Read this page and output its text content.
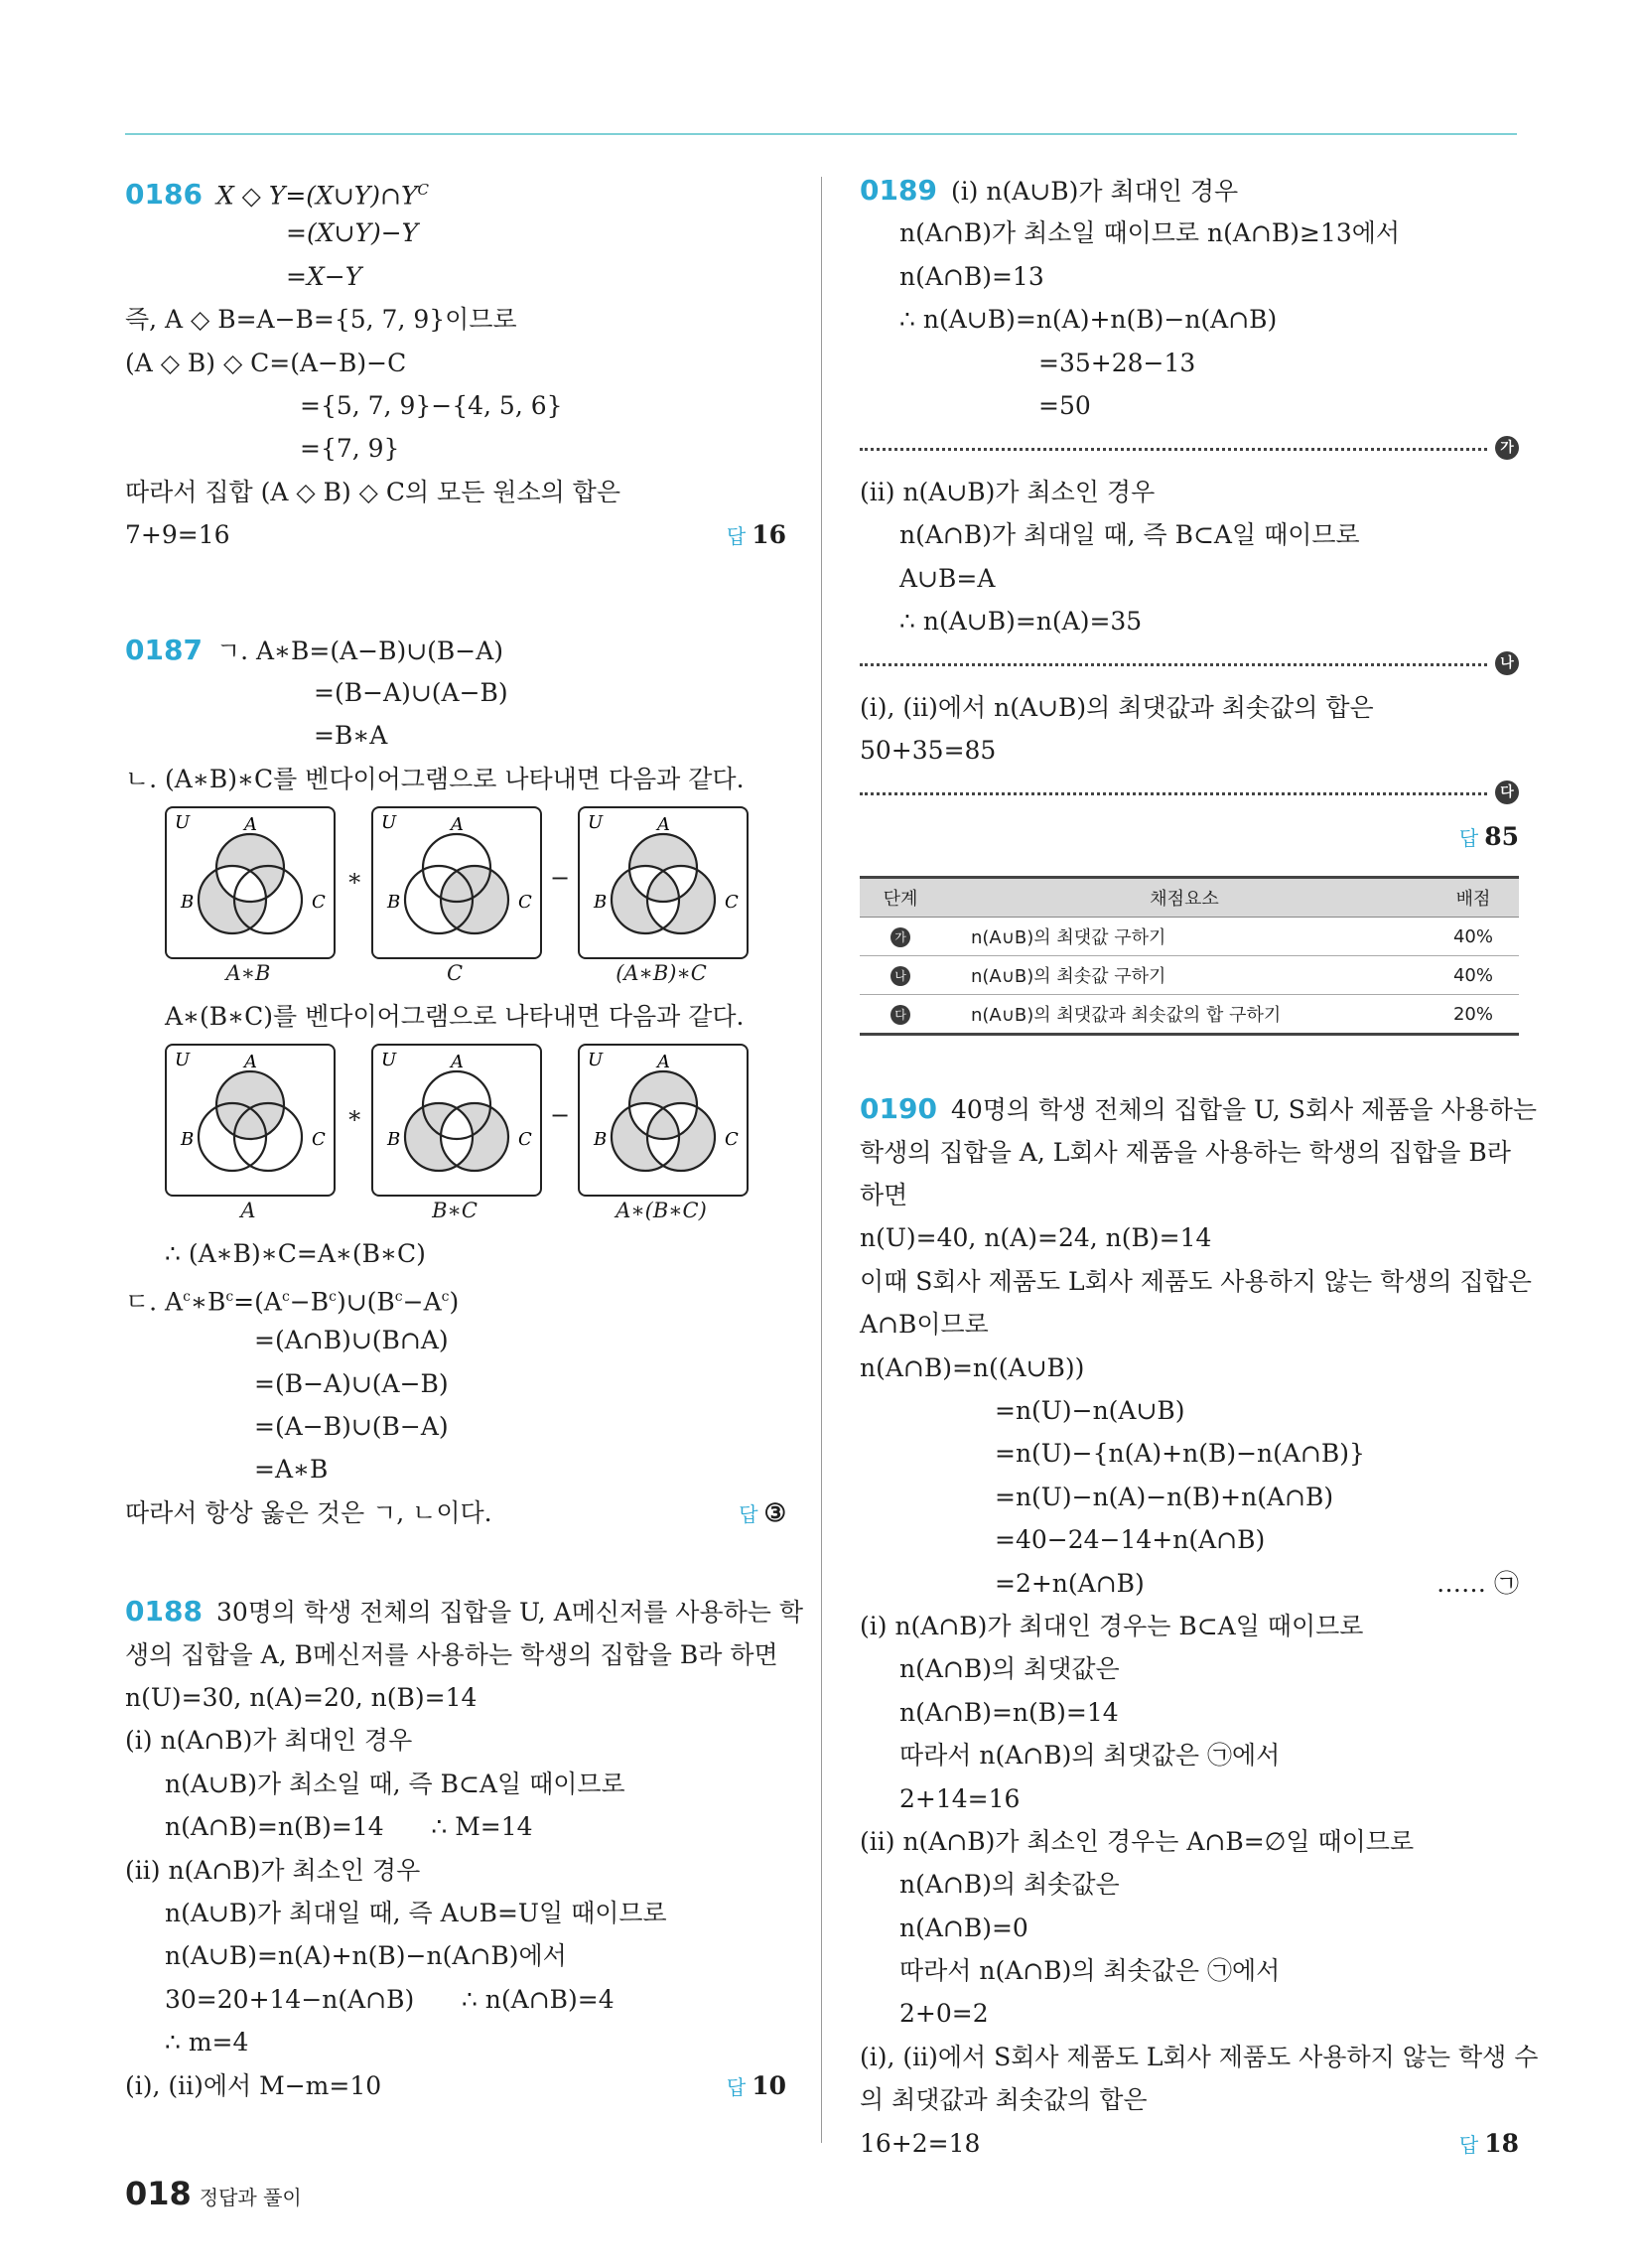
0186 X ◇ $Y=(X\cup Y)\cap Y^C$
=(X∪Y)−Y
=X−Y
즉, A ◇ B=A−B={5, 7, 9}이므로
(A ◇ B) ◇ C=(A−B)−C
={5, 7, 9}−{4, 5, 6}
={7, 9}
따라서 집합 (A ◇ B) ◇ C의 모든 원소의 합은
7+9=16
	답 16
0187 ㄱ. A∗B=(A−B)∪(B−A)
=(B−A)∪(A−B)
=B∗A
ㄴ. (A∗B)∗C를 벤다이어그램으로 나타내면 다음과 같다.
U	A
B	C
∗
U	A
B	C
−
U	A
B	C
A∗B	C	(A∗B)∗C
A∗(B∗C)를 벤다이어그램으로 나타내면 다음과 같다.
U	A
B	C
∗
U	A
B	C
−
U	A
B	C
A	B∗C	A∗(B∗C)
∴ (A∗B)∗C=A∗(B∗C)
ㄷ. $A^c∗B^c=(A^c-B^c)\cup(B^c-A^c)$
=(A∩B)∪(B∩A)
=(B−A)∪(A−B)
=(A−B)∪(B−A)
=A∗B
따라서 항상 옳은 것은 ㄱ, ㄴ이다.
	답 ③
0188 30명의 학생 전체의 집합을 U, A메신저를 사용하는 학
생의 집합을 A, B메신저를 사용하는 학생의 집합을 B라 하면
n(U)=30, n(A)=20, n(B)=14
(ⅰ) n(A∩B)가 최대인 경우
n(A∪B)가 최소일 때, 즉 B⊂A일 때이므로
n(A∩B)=n(B)=14      ∴ M=14
(ⅱ) n(A∩B)가 최소인 경우
n(A∪B)가 최대일 때, 즉 A∪B=U일 때이므로
n(A∪B)=n(A)+n(B)−n(A∩B)에서
30=20+14−n(A∩B)      ∴ n(A∩B)=4
∴ m=4
(ⅰ), (ⅱ)에서 M−m=10
	답 10
0189 (ⅰ) n(A∪B)가 최대인 경우
n(A∩B)가 최소일 때이므로 n(A∩B)≥13에서
n(A∩B)=13
∴ n(A∪B)=n(A)+n(B)−n(A∩B)
=35+28−13
=50
가
(ⅱ) n(A∪B)가 최소인 경우
n(A∩B)가 최대일 때, 즉 B⊂A일 때이므로
A∪B=A
∴ n(A∪B)=n(A)=35
나
(ⅰ), (ⅱ)에서 n(A∪B)의 최댓값과 최솟값의 합은
50+35=85
다
답 85
단계	채점요소	배점
가	n(A∪B)의 최댓값 구하기	40%
나	n(A∪B)의 최솟값 구하기	40%
다	n(A∪B)의 최댓값과 최솟값의 합 구하기	20%
0190 40명의 학생 전체의 집합을 U, S회사 제품을 사용하는
학생의 집합을 A, L회사 제품을 사용하는 학생의 집합을 B라
하면
n(U)=40, n(A)=24, n(B)=14
이때 S회사 제품도 L회사 제품도 사용하지 않는 학생의 집합은
A∩B이므로
n(A∩B)=n((A∪B))
=n(U)−n(A∪B)
=n(U)−{n(A)+n(B)−n(A∩B)}
=n(U)−n(A)−n(B)+n(A∩B)
=40−24−14+n(A∩B)
=2+n(A∩B)	…… ㉠
(ⅰ) n(A∩B)가 최대인 경우는 B⊂A일 때이므로
n(A∩B)의 최댓값은
n(A∩B)=n(B)=14
따라서 n(A∩B)의 최댓값은 ㉠에서
2+14=16
(ⅱ) n(A∩B)가 최소인 경우는 A∩B=∅일 때이므로
n(A∩B)의 최솟값은
n(A∩B)=0
따라서 n(A∩B)의 최솟값은 ㉠에서
2+0=2
(ⅰ), (ⅱ)에서 S회사 제품도 L회사 제품도 사용하지 않는 학생 수
의 최댓값과 최솟값의 합은
16+2=18
	답 18
018 정답과 풀이
